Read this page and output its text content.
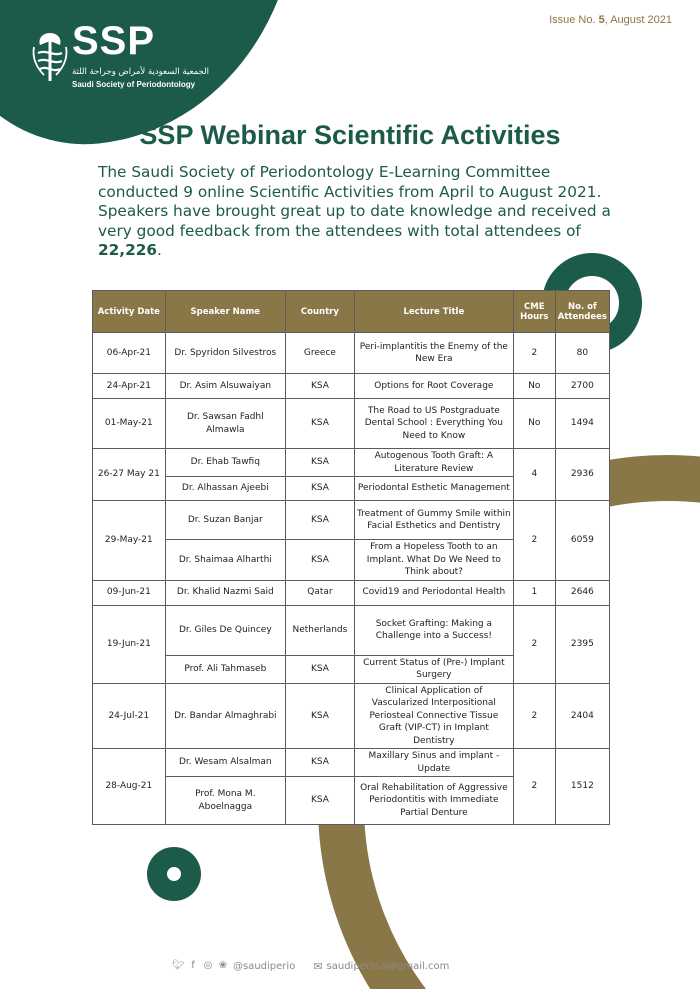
SSP
الجمعية السعودية لأمراض وجراحة اللثة
Saudi Society of Periodontology
Issue No. 5, August 2021
SSP Webinar Scientific Activities

The Saudi Society of Periodontology E-Learning Committee conducted 9 online Scientific Activities from April to August 2021. Speakers have brought great up to date knowledge and received a very good feedback from the attendees with total attendees of 22,226.

Activity Date	Speaker Name	Country	Lecture Title	CME Hours	No. of Attendees
06-Apr-21	Dr. Spyridon Silvestros	Greece	Peri-implantitis the Enemy of the New Era	2	80
24-Apr-21	Dr. Asim Alsuwaiyan	KSA	Options for Root Coverage	No	2700
01-May-21	Dr. Sawsan Fadhl Almawla	KSA	The Road to US Postgraduate Dental School : Everything You Need to Know	No	1494
26-27 May 21	Dr. Ehab Tawfiq	KSA	Autogenous Tooth Graft: A Literature Review	4	2936
	Dr. Alhassan Ajeebi	KSA	Periodontal Esthetic Management		
29-May-21	Dr. Suzan Banjar	KSA	Treatment of Gummy Smile within Facial Esthetics and Dentistry	2	6059
	Dr. Shaimaa Alharthi	KSA	From a Hopeless Tooth to an Implant. What Do We Need to Think about?		
09-Jun-21	Dr. Khalid Nazmi Said	Qatar	Covid19 and Periodontal Health	1	2646
19-Jun-21	Dr. Giles De Quincey	Netherlands	Socket Grafting: Making a Challenge into a Success!	2	2395
	Prof. Ali Tahmaseb	KSA	Current Status of (Pre-) Implant Surgery		
24-Jul-21	Dr. Bandar Almaghrabi	KSA	Clinical Application of Vascularized Interpositional Periosteal Connective Tissue Graft (VIP-CT) in Implant Dentistry	2	2404
28-Aug-21	Dr. Wesam Alsalman	KSA	Maxillary Sinus and implant - Update	2	1512
	Prof. Mona M. Aboelnagga	KSA	Oral Rehabilitation of Aggressive Periodontitis with Immediate Partial Denture		
🐦︎ f ◎ ❀ @saudiperio ✉ saudiperio.s@gmail.com	18
